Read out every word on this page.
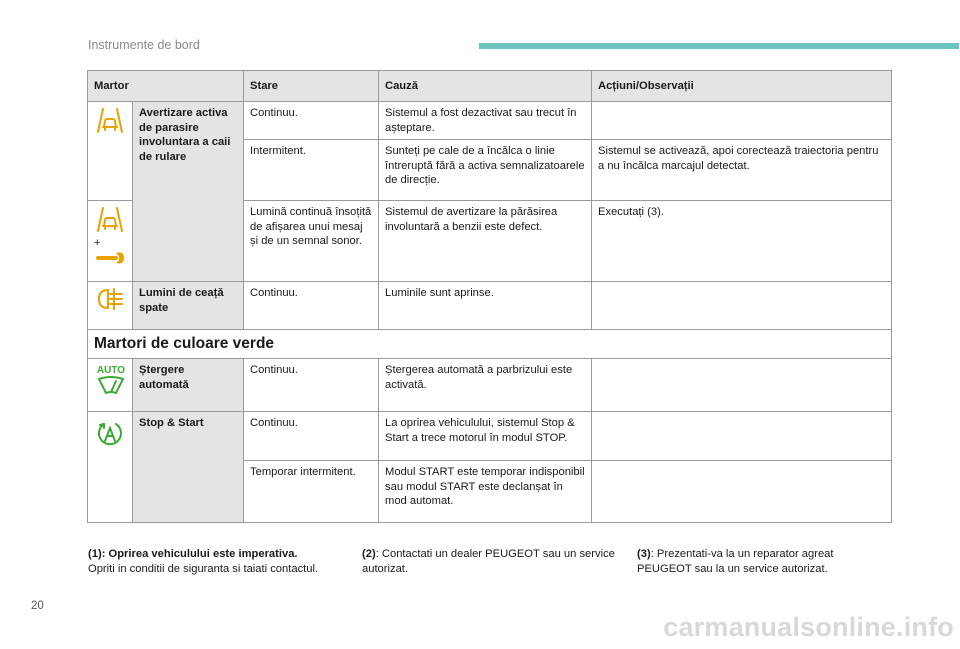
Instrumente de bord
Martor		Stare	Cauză	Acțiuni/Observații

	Avertizare activa de parasire involuntara a caii de rulare	Continuu.	Sistemul a fost dezactivat sau trecut în așteptare.	
		Intermitent.	Sunteți pe cale de a încălca o linie întreruptă fără a activa semnalizatoarele de direcție.	Sistemul se activează, apoi corectează traiectoria pentru a nu încălca marcajul detectat.

+		Lumină continuă însoțită de afișarea unui mesaj și de un semnal sonor.	Sistemul de avertizare la părăsirea involuntară a benzii este defect.	Executați (3).

	Lumini de ceață spate	Continuu.	Luminile sunt aprinse.	
Martori de culoare verde				

AUTO	Ștergere automată	Continuu.	Ștergerea automată a parbrizului este activată.	

	Stop & Start	Continuu.	La oprirea vehiculului, sistemul Stop & Start a trece motorul în modul STOP.	
		Temporar intermitent.	Modul START este temporar indisponibil sau modul START este declanșat în mod automat.	
(1): Oprirea vehiculului este imperativa.
Opriti in conditii de siguranta si taiati contactul.
(2): Contactati un dealer PEUGEOT sau un service autorizat.
(3): Prezentati-va la un reparator agreat PEUGEOT sau la un service autorizat.
20
carmanualsonline.info
